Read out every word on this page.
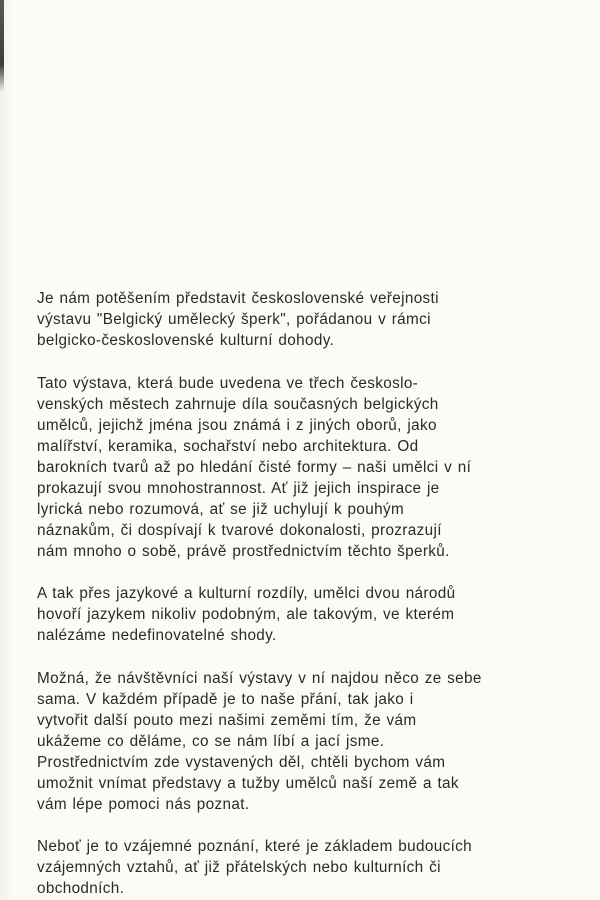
Je nám potěšením představit československé veřejnosti
výstavu "Belgický umělecký šperk", pořádanou v rámci
belgicko-československé kulturní dohody.

Tato výstava, která bude uvedena ve třech českoslo-
venských městech zahrnuje díla současných belgických
umělců, jejichž jména jsou známá i z jiných oborů, jako
malířství, keramika, sochařství nebo architektura. Od
barokních tvarů až po hledání čisté formy – naši umělci v ní
prokazují svou mnohostrannost. Ať již jejich inspirace je
lyrická nebo rozumová, ať se již uchylují k pouhým
náznakům, či dospívají k tvarové dokonalosti, prozrazují
nám mnoho o sobě, právě prostřednictvím těchto šperků.

A tak přes jazykové a kulturní rozdíly, umělci dvou národů
hovoří jazykem nikoliv podobným, ale takovým, ve kterém
nalézáme nedefinovatelné shody.

Možná, že návštěvníci naší výstavy v ní najdou něco ze sebe
sama. V každém případě je to naše přání, tak jako i
vytvořit další pouto mezi našimi zeměmi tím, že vám
ukážeme co děláme, co se nám líbí a jací jsme.
Prostřednictvím zde vystavených děl, chtěli bychom vám
umožnit vnímat představy a tužby umělců naší země a tak
vám lépe pomoci nás poznat.

Neboť je to vzájemné poznání, které je základem budoucích
vzájemných vztahů, ať již přátelských nebo kulturních či
obchodních.
